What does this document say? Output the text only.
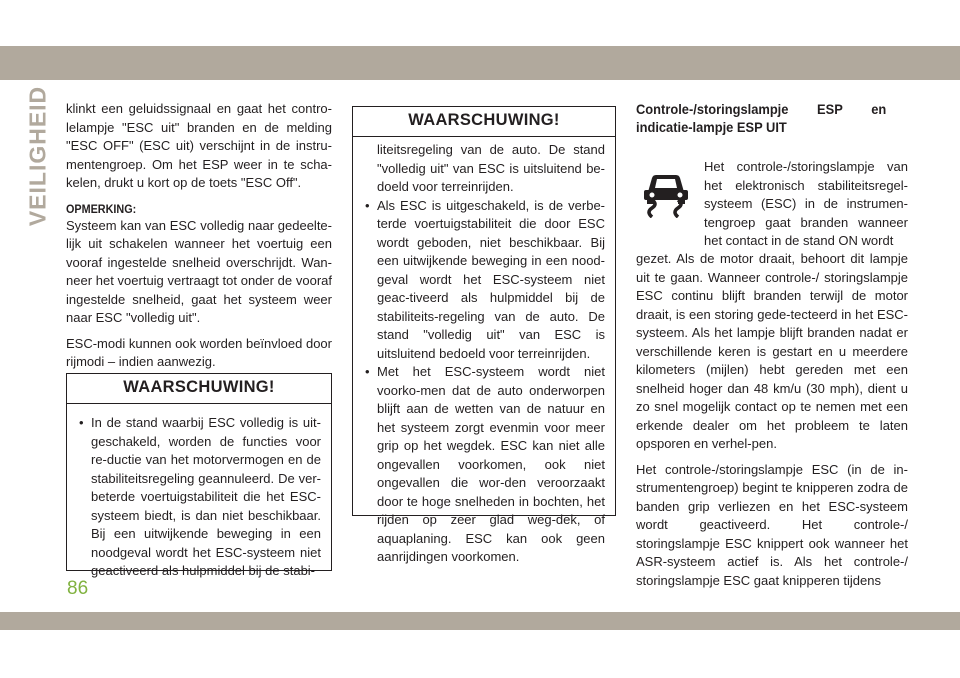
VEILIGHEID
86

klinkt een geluidssignaal en gaat het contro-lelampje "ESC uit" branden en de melding "ESC OFF" (ESC uit) verschijnt in de instru-mentengroep. Om het ESP weer in te scha-kelen, drukt u kort op de toets "ESC Off".

OPMERKING:

Systeem kan van ESC volledig naar gedeelte-lijk uit schakelen wanneer het voertuig een vooraf ingestelde snelheid overschrijdt. Wan-neer het voertuig vertraagt tot onder de vooraf ingestelde snelheid, gaat het systeem weer naar ESC "volledig uit".

ESC-modi kunnen ook worden beïnvloed door rijmodi – indien aanwezig.

WAARSCHUWING!
• In de stand waarbij ESC volledig is uit-geschakeld, worden de functies voor re-ductie van het motorvermogen en de stabiliteitsregeling geannuleerd. De ver-beterde voertuigstabiliteit die het ESC-systeem biedt, is dan niet beschikbaar. Bij een uitwijkende beweging in een noodgeval wordt het ESC-systeem niet geactiveerd als hulpmiddel bij de stabi-
WAARSCHUWING!
liteitsregeling van de auto. De stand "volledig uit" van ESC is uitsluitend be-doeld voor terreinrijden.
• Als ESC is uitgeschakeld, is de verbe-terde voertuigstabiliteit die door ESC wordt geboden, niet beschikbaar. Bij een uitwijkende beweging in een nood-geval wordt het ESC-systeem niet geac-tiveerd als hulpmiddel bij de stabiliteits-regeling van de auto. De stand "volledig uit" van ESC is uitsluitend bedoeld voor terreinrijden.
• Met het ESC-systeem wordt niet voorko-men dat de auto onderworpen blijft aan de wetten van de natuur en het systeem zorgt evenmin voor meer grip op het wegdek. ESC kan niet alle ongevallen voorkomen, ook niet ongevallen die wor-den veroorzaakt door te hoge snelheden in bochten, het rijden op zeer glad weg-dek, of aquaplaning. ESC kan ook geen aanrijdingen voorkomen.

Controle-/storingslampje ESP en indicatie-lampje ESP UIT

Het controle-/storingslampje van het elektronisch stabiliteitsregel-systeem (ESC) in de instrumen-tengroep gaat branden wanneer het contact in de stand ON wordt

gezet. Als de motor draait, behoort dit lampje uit te gaan. Wanneer controle-/ storingslampje ESC continu blijft branden terwijl de motor draait, is een storing gede-tecteerd in het ESC-systeem. Als het lampje blijft branden nadat er verschillende keren is gestart en u meerdere kilometers (mijlen) hebt gereden met een snelheid hoger dan 48 km/u (30 mph), dient u zo snel mogelijk contact op te nemen met een erkende dealer om het probleem te laten opsporen en verhel-pen.

Het controle-/storingslampje ESC (in de in-strumentengroep) begint te knipperen zodra de banden grip verliezen en het ESC-systeem wordt geactiveerd. Het controle-/ storingslampje ESC knippert ook wanneer het ASR-systeem actief is. Als het controle-/ storingslampje ESC gaat knipperen tijdens
